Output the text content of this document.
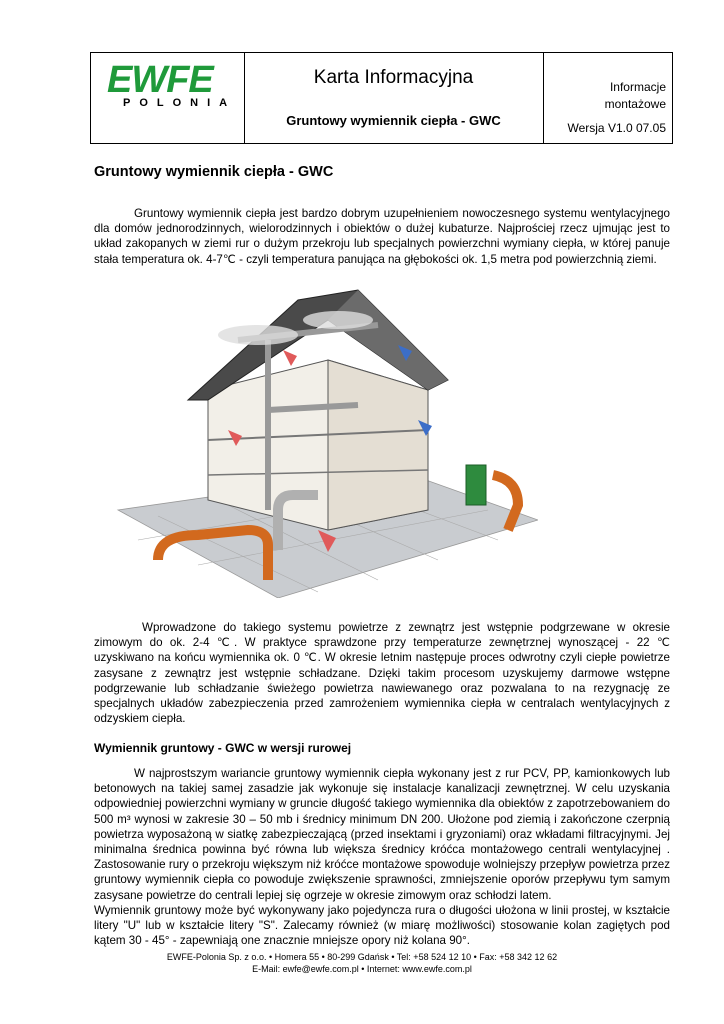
EWFE
POLONIA
Karta Informacyjna
Gruntowy wymiennik ciepła - GWC
Informacje
montażowe
Wersja V1.0 07.05
Gruntowy wymiennik ciepła - GWC
Gruntowy wymiennik ciepła jest bardzo dobrym uzupełnieniem nowoczesnego systemu wentylacyjnego dla domów jednorodzinnych, wielorodzinnych i obiektów o dużej kubaturze. Najprościej rzecz ujmując jest to układ zakopanych w ziemi rur o dużym przekroju lub specjalnych powierzchni wymiany ciepła, w której panuje stała temperatura ok. 4-7℃ - czyli temperatura panująca na głębokości ok. 1,5 metra pod powierzchnią ziemi.
Wprowadzone do takiego systemu powietrze z zewnątrz jest wstępnie podgrzewane w okresie zimowym do ok. 2-4 ℃. W praktyce sprawdzone przy temperaturze zewnętrznej wynoszącej - 22 ℃ uzyskiwano na końcu wymiennika ok. 0 ℃. W okresie letnim następuje proces odwrotny czyli ciepłe powietrze zasysane z zewnątrz jest wstępnie schładzane. Dzięki takim procesom uzyskujemy darmowe wstępne podgrzewanie lub schładzanie świeżego powietrza nawiewanego oraz pozwalana to na rezygnację ze specjalnych układów zabezpieczenia przed zamrożeniem wymiennika ciepła w centralach wentylacyjnych z odzyskiem ciepła.
Wymiennik gruntowy - GWC w wersji rurowej
W najprostszym wariancie gruntowy wymiennik ciepła wykonany jest z rur PCV, PP, kamionkowych lub betonowych na takiej samej zasadzie jak wykonuje się instalacje kanalizacji zewnętrznej. W celu uzyskania odpowiedniej powierzchni wymiany w gruncie długość takiego wymiennika dla obiektów z zapotrzebowaniem do 500 m³ wynosi w zakresie 30 – 50 mb i średnicy minimum DN 200. Ułożone pod ziemią i zakończone czerpnią powietrza wyposażoną w siatkę zabezpieczającą (przed insektami i gryzoniami) oraz wkładami filtracyjnymi. Jej minimalna średnica powinna być równa lub większa średnicy króćca montażowego centrali wentylacyjnej . Zastosowanie rury o przekroju większym niż króćce montażowe spowoduje wolniejszy przepływ powietrza przez gruntowy wymiennik ciepła co powoduje zwiększenie sprawności, zmniejszenie oporów przepływu tym samym zasysane powietrze do centrali lepiej się ogrzeje w okresie zimowym oraz schłodzi latem.
Wymiennik gruntowy może być wykonywany jako pojedyncza rura o długości ułożona w linii prostej, w kształcie litery "U" lub w kształcie litery "S". Zalecamy również (w miarę możliwości) stosowanie kolan zagiętych pod kątem 30 - 45° - zapewniają one znacznie mniejsze opory niż kolana 90°.
EWFE-Polonia Sp. z o.o. • Homera 55 • 80-299 Gdańsk • Tel: +58 524 12 10 • Fax: +58 342 12 62
E-Mail: ewfe@ewfe.com.pl • Internet: www.ewfe.com.pl
